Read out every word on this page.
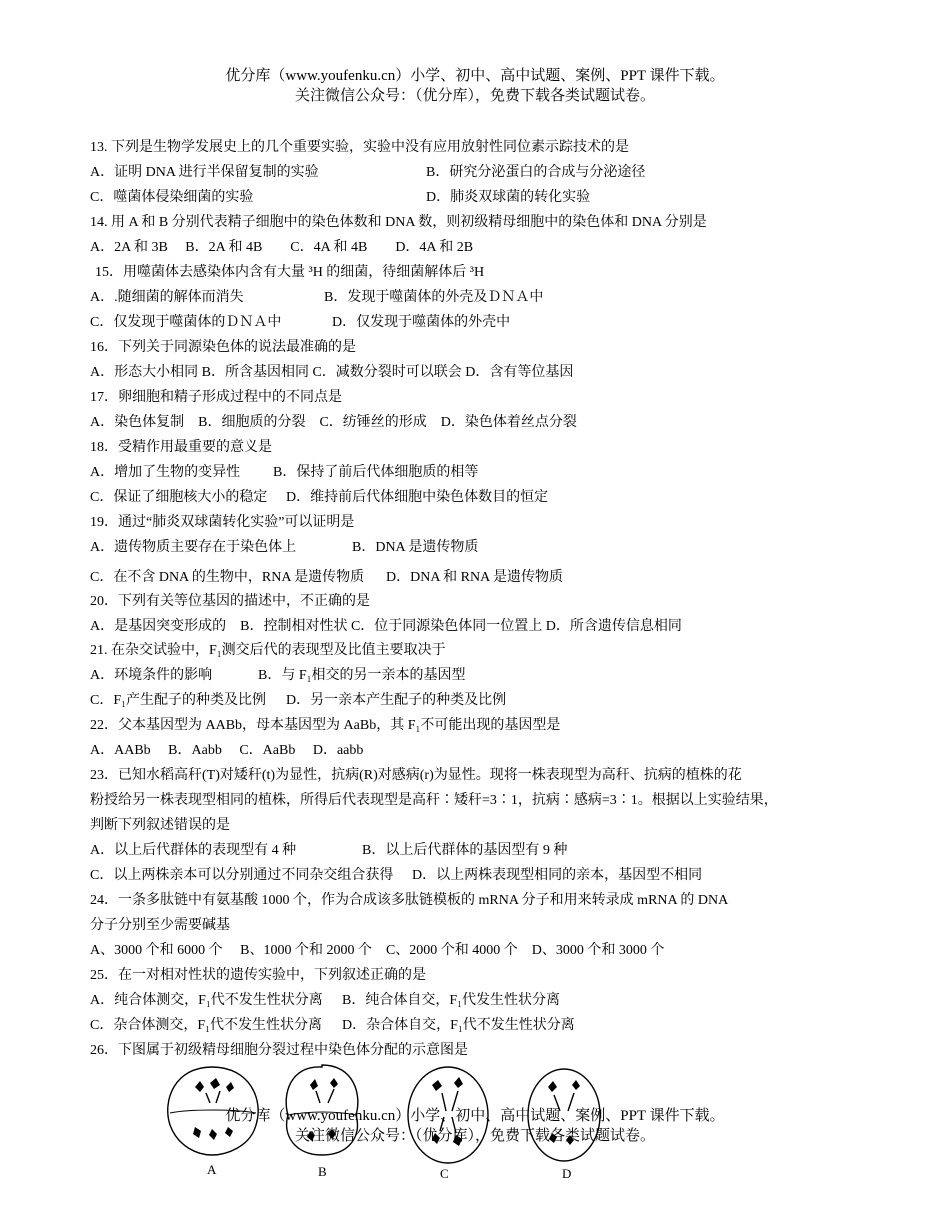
优分库（www.youfenku.cn）小学、初中、高中试题、案例、PPT 课件下载。
关注微信公众号：（优分库），免费下载各类试题试卷。
13. 下列是生物学发展史上的几个重要实验，实验中没有应用放射性同位素示踪技术的是
A．证明 DNA 进行半保留复制的实验	B．研究分泌蛋白的合成与分泌途径
C．噬菌体侵染细菌的实验	D．肺炎双球菌的转化实验
14. 用 A 和 B 分别代表精子细胞中的染色体数和 DNA 数，则初级精母细胞中的染色体和 DNA 分别是
A．2A 和 3B　 B．2A 和 4B　　C．4A 和 4B　　D．4A 和 2B
15．用噬菌体去感染体内含有大量 ³H 的细菌，待细菌解体后 ³H
A．.随细菌的解体而消失	B．发现于噬菌体的外壳及ＤＮＡ中
C．仅发现于噬菌体的ＤＮＡ中	D．仅发现于噬菌体的外壳中
16．下列关于同源染色体的说法最准确的是
A．形态大小相同 B．所含基因相同 C．减数分裂时可以联会 D．含有等位基因
17．卵细胞和精子形成过程中的不同点是
A．染色体复制　B．细胞质的分裂　C．纺锤丝的形成　D．染色体着丝点分裂
18．受精作用最重要的意义是
A．增加了生物的变异性 B．保持了前后代体细胞质的相等
C．保证了细胞核大小的稳定 D．维持前后代体细胞中染色体数目的恒定
19．通过“肺炎双球菌转化实验”可以证明是
A．遗传物质主要存在于染色体上	B．DNA 是遗传物质
C．在不含 DNA 的生物中，RNA 是遗传物质 D．DNA 和 RNA 是遗传物质
20．下列有关等位基因的描述中，不正确的是
A．是基因突变形成的　B．控制相对性状 C．位于同源染色体同一位置上 D．所含遗传信息相同
21. 在杂交试验中，F₁测交后代的表现型及比值主要取决于
A．环境条件的影响	B．与 F₁相交的另一亲本的基因型
C．F₁产生配子的种类及比例 D．另一亲本产生配子的种类及比例
22．父本基因型为 AABb，母本基因型为 AaBb，其 F₁不可能出现的基因型是
A．AABb　 B．Aabb　 C．AaBb　 D．aabb
23．已知水稻高秆(T)对矮秆(t)为显性，抗病(R)对感病(r)为显性。现将一株表现型为高秆、抗病的植株的花
粉授给另一株表现型相同的植株，所得后代表现型是高秆∶矮秆=3∶1，抗病∶感病=3∶1。根据以上实验结果，
判断下列叙述错误的是
A．以上后代群体的表现型有 4 种	B．以上后代群体的基因型有 9 种
C．以上两株亲本可以分别通过不同杂交组合获得 D．以上两株表现型相同的亲本，基因型不相同
24．一条多肽链中有氨基酸 1000 个，作为合成该多肽链模板的 mRNA 分子和用来转录成 mRNA 的 DNA
分子分别至少需要碱基
A、3000 个和 6000 个　 B、1000 个和 2000 个　C、2000 个和 4000 个　D、3000 个和 3000 个
25．在一对相对性状的遗传实验中，下列叙述正确的是
A．纯合体测交，F₁代不发生性状分离 B．纯合体自交，F₁代发生性状分离
C．杂合体测交，F₁代不发生性状分离 D．杂合体自交，F₁代不发生性状分离
26．下图属于初级精母细胞分裂过程中染色体分配的示意图是
A	B	C	D
优分库（www.youfenku.cn）小学、初中、高中试题、案例、PPT 课件下载。
关注微信公众号：（优分库），免费下载各类试题试卷。
